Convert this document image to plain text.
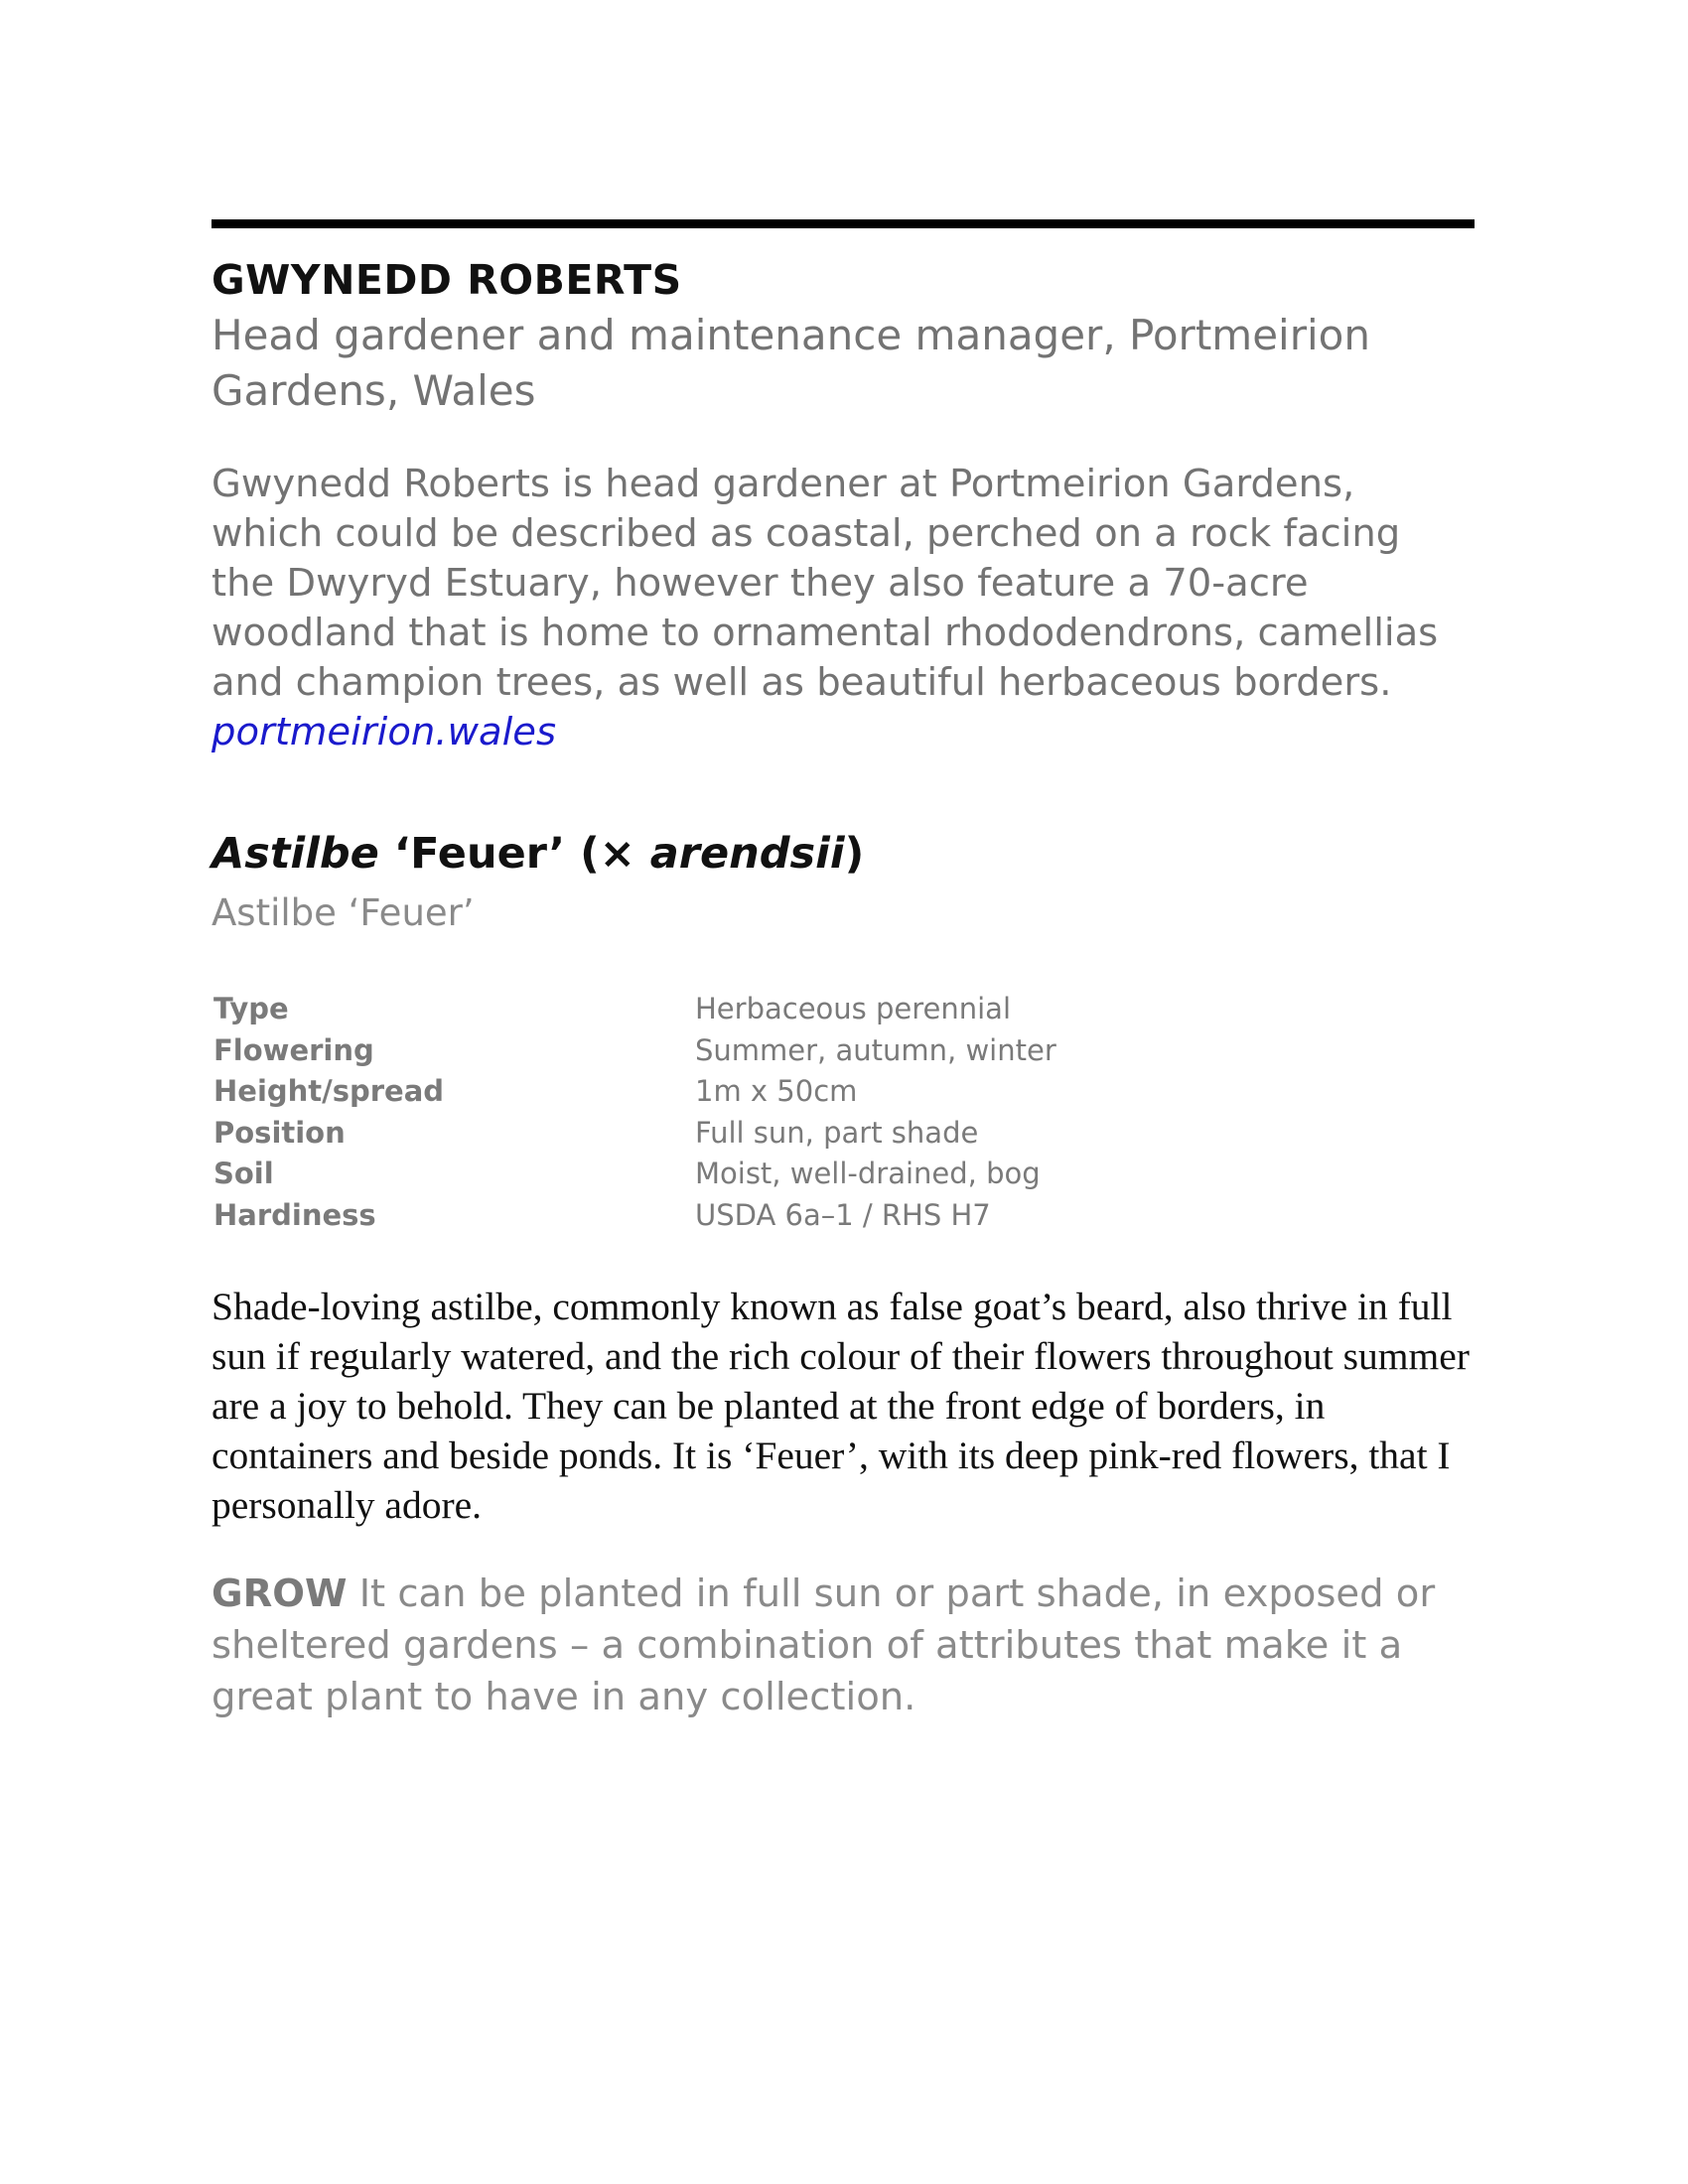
GWYNEDD ROBERTS

Head gardener and maintenance manager, Portmeirion Gardens, Wales

Gwynedd Roberts is head gardener at Portmeirion Gardens, which could be described as coastal, perched on a rock facing the Dwyryd Estuary, however they also feature a 70-acre woodland that is home to ornamental rhododendrons, camellias and champion trees, as well as beautiful herbaceous borders. portmeirion.wales

Astilbe ‘Feuer’ (× arendsii)

Astilbe ‘Feuer’

Type	Herbaceous perennial
Flowering	Summer, autumn, winter
Height/spread	1m x 50cm
Position	Full sun, part shade
Soil	Moist, well-drained, bog
Hardiness	USDA 6a–1 / RHS H7

Shade-loving astilbe, commonly known as false goat’s beard, also thrive in full sun if regularly watered, and the rich colour of their flowers throughout summer are a joy to behold. They can be planted at the front edge of borders, in containers and beside ponds. It is ‘Feuer’, with its deep pink-red flowers, that I personally adore.

GROW It can be planted in full sun or part shade, in exposed or sheltered gardens – a combination of attributes that make it a great plant to have in any collection.
